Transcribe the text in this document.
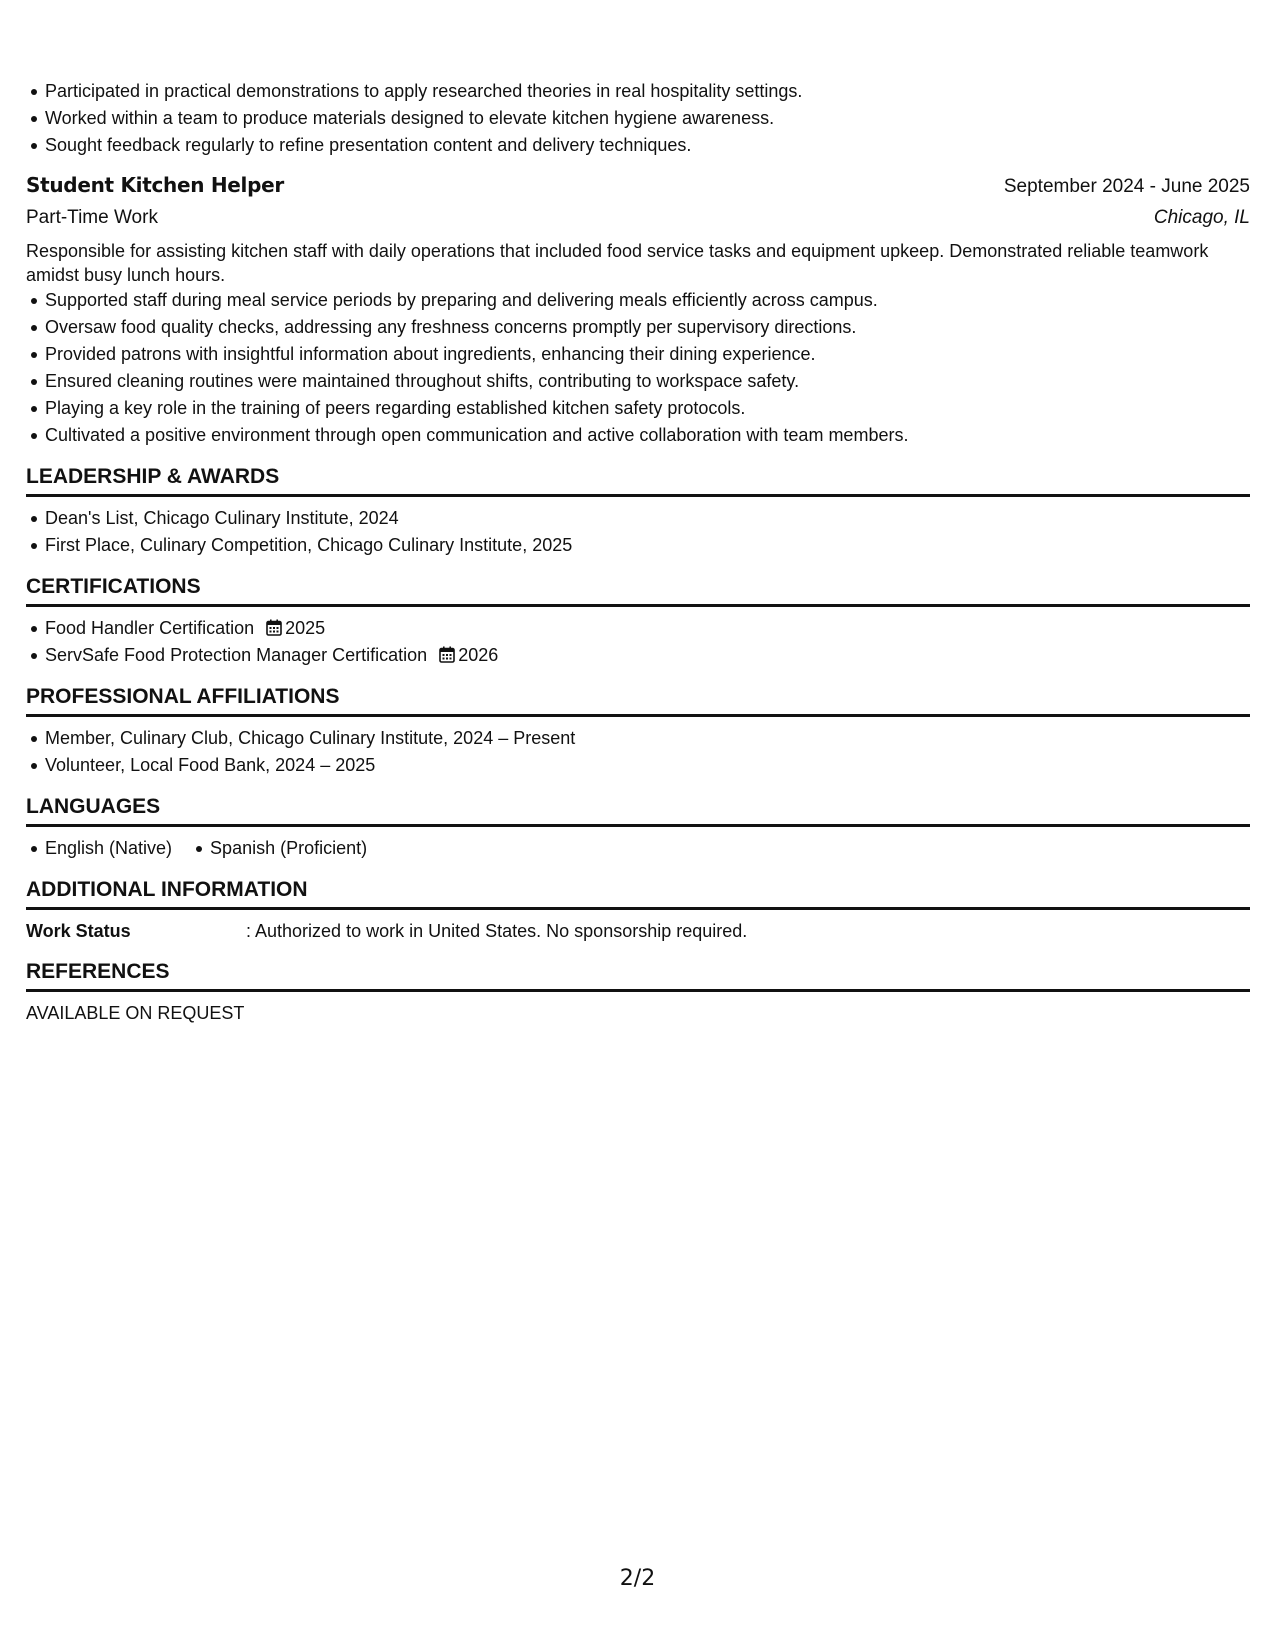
Participated in practical demonstrations to apply researched theories in real hospitality settings.
Worked within a team to produce materials designed to elevate kitchen hygiene awareness.
Sought feedback regularly to refine presentation content and delivery techniques.
Student Kitchen Helper	September 2024 - June 2025
Part-Time Work	Chicago, IL
Responsible for assisting kitchen staff with daily operations that included food service tasks and equipment upkeep. Demonstrated reliable teamwork amidst busy lunch hours.
Supported staff during meal service periods by preparing and delivering meals efficiently across campus.
Oversaw food quality checks, addressing any freshness concerns promptly per supervisory directions.
Provided patrons with insightful information about ingredients, enhancing their dining experience.
Ensured cleaning routines were maintained throughout shifts, contributing to workspace safety.
Playing a key role in the training of peers regarding established kitchen safety protocols.
Cultivated a positive environment through open communication and active collaboration with team members.
LEADERSHIP & AWARDS
Dean's List, Chicago Culinary Institute, 2024
First Place, Culinary Competition, Chicago Culinary Institute, 2025
CERTIFICATIONS
Food Handler Certification 2025
ServSafe Food Protection Manager Certification 2026
PROFESSIONAL AFFILIATIONS
Member, Culinary Club, Chicago Culinary Institute, 2024 – Present
Volunteer, Local Food Bank, 2024 – 2025
LANGUAGES
English (Native) Spanish (Proficient)
ADDITIONAL INFORMATION
Work Status	: Authorized to work in United States. No sponsorship required.
REFERENCES
AVAILABLE ON REQUEST
2/2
